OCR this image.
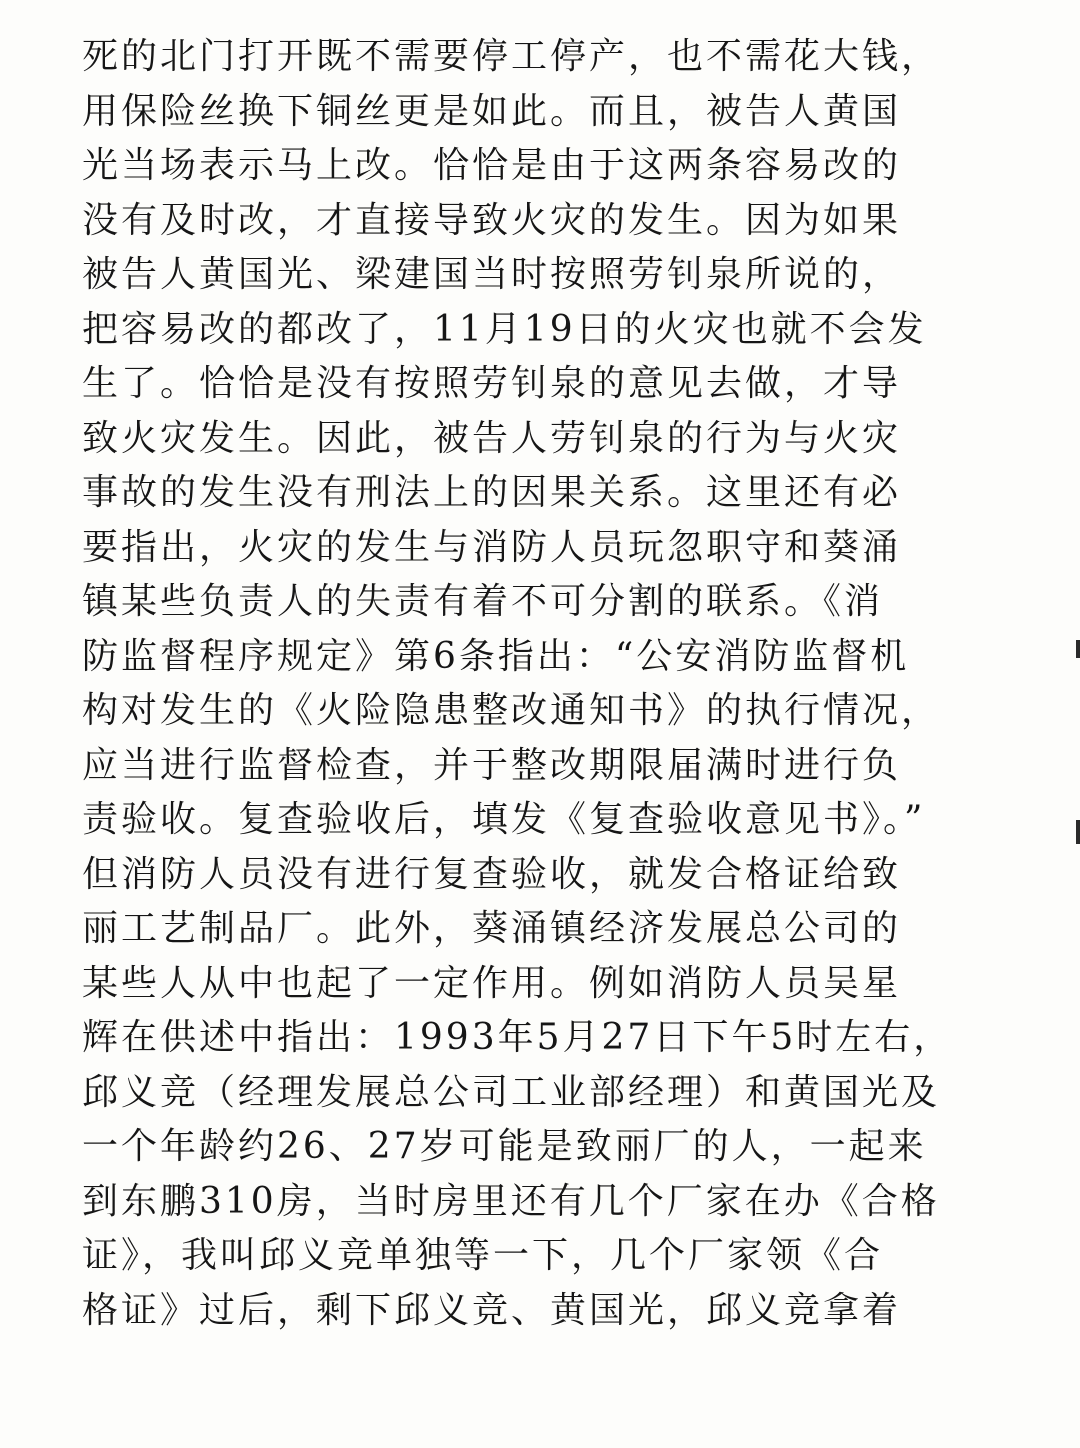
死的北门打开既不需要停工停产，也不需花大钱，
用保险丝换下铜丝更是如此。而且，被告人黄国
光当场表示马上改。恰恰是由于这两条容易改的
没有及时改，才直接导致火灾的发生。因为如果
被告人黄国光、梁建国当时按照劳钊泉所说的，
把容易改的都改了，11月19日的火灾也就不会发
生了。恰恰是没有按照劳钊泉的意见去做，才导
致火灾发生。因此，被告人劳钊泉的行为与火灾
事故的发生没有刑法上的因果关系。这里还有必
要指出，火灾的发生与消防人员玩忽职守和葵涌
镇某些负责人的失责有着不可分割的联系。《消
防监督程序规定》第6条指出：“公安消防监督机
构对发生的《火险隐患整改通知书》的执行情况，
应当进行监督检查，并于整改期限届满时进行负
责验收。复查验收后，填发《复查验收意见书》。”
但消防人员没有进行复查验收，就发合格证给致
丽工艺制品厂。此外，葵涌镇经济发展总公司的
某些人从中也起了一定作用。例如消防人员吴星
辉在供述中指出：1993年5月27日下午5时左右，
邱义竞（经理发展总公司工业部经理）和黄国光及
一个年龄约26、27岁可能是致丽厂的人，一起来
到东鹏310房，当时房里还有几个厂家在办《合格
证》，我叫邱义竞单独等一下，几个厂家领《合
格证》过后，剩下邱义竞、黄国光，邱义竞拿着
